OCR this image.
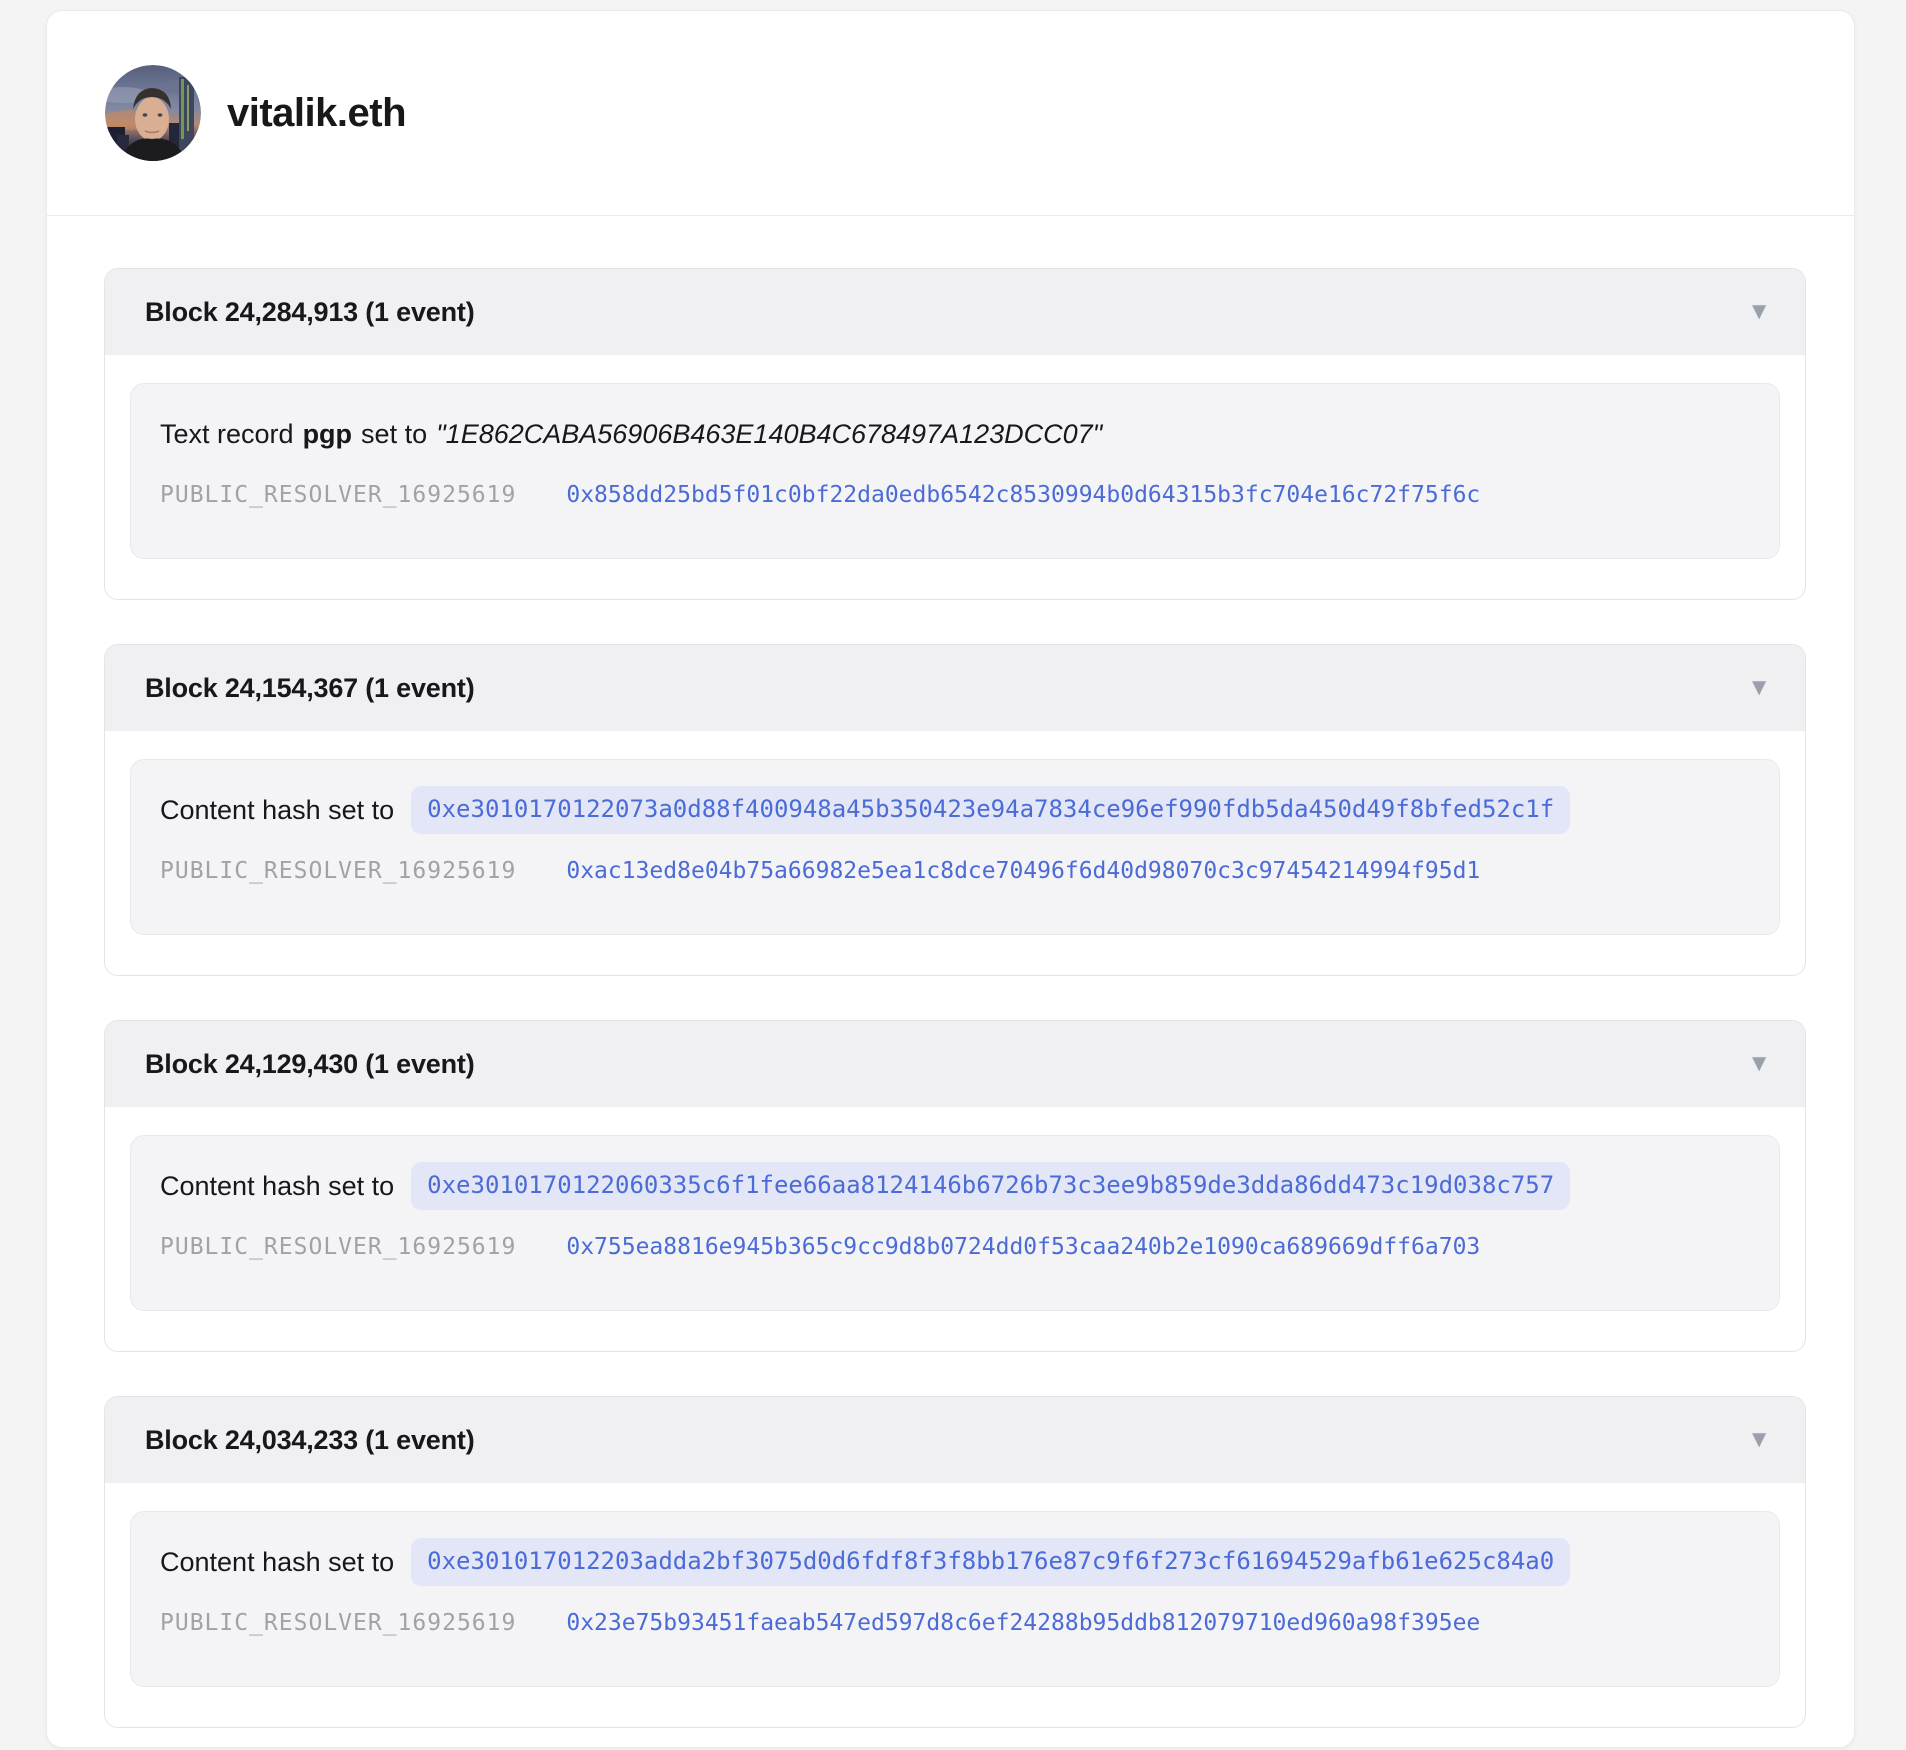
vitalik.eth
Block 24,284,913 (1 event)	▼

Text record pgp set to "1E862CABA56906B463E140B4C678497A123DCC07"

PUBLIC_RESOLVER_16925619 0x858dd25bd5f01c0bf22da0edb6542c8530994b0d64315b3fc704e16c72f75f6c

Block 24,154,367 (1 event)	▼

Content hash set to	0xe3010170122073a0d88f400948a45b350423e94a7834ce96ef990fdb5da450d49f8bfed52c1f

PUBLIC_RESOLVER_16925619 0xac13ed8e04b75a66982e5ea1c8dce70496f6d40d98070c3c97454214994f95d1

Block 24,129,430 (1 event)	▼

Content hash set to	0xe3010170122060335c6f1fee66aa8124146b6726b73c3ee9b859de3dda86dd473c19d038c757

PUBLIC_RESOLVER_16925619 0x755ea8816e945b365c9cc9d8b0724dd0f53caa240b2e1090ca689669dff6a703

Block 24,034,233 (1 event)	▼

Content hash set to	0xe301017012203adda2bf3075d0d6fdf8f3f8bb176e87c9f6f273cf61694529afb61e625c84a0

PUBLIC_RESOLVER_16925619 0x23e75b93451faeab547ed597d8c6ef24288b95ddb812079710ed960a98f395ee
